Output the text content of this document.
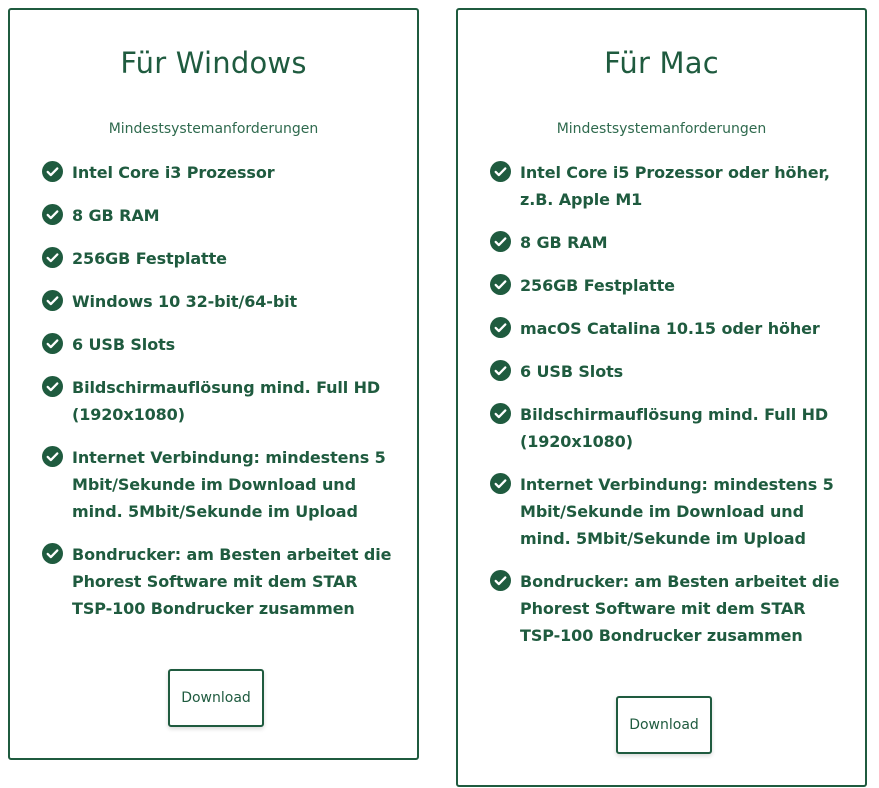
Für Windows
Mindestsystemanforderungen
Intel Core i3 Prozessor
8 GB RAM
256GB Festplatte
Windows 10 32-bit/64-bit
6 USB Slots
Bildschirmauflösung mind. Full HD (1920x1080)
Internet Verbindung: mindestens 5 Mbit/Sekunde im Download und mind. 5Mbit/Sekunde im Upload
Bondrucker: am Besten arbeitet die Phorest Software mit dem STAR TSP-100 Bondrucker zusammen
Download
Für Mac
Mindestsystemanforderungen
Intel Core i5 Prozessor oder höher, z.B. Apple M1
8 GB RAM
256GB Festplatte
macOS Catalina 10.15 oder höher
6 USB Slots
Bildschirmauflösung mind. Full HD (1920x1080)
Internet Verbindung: mindestens 5 Mbit/Sekunde im Download und mind. 5Mbit/Sekunde im Upload
Bondrucker: am Besten arbeitet die Phorest Software mit dem STAR TSP-100 Bondrucker zusammen
Download
